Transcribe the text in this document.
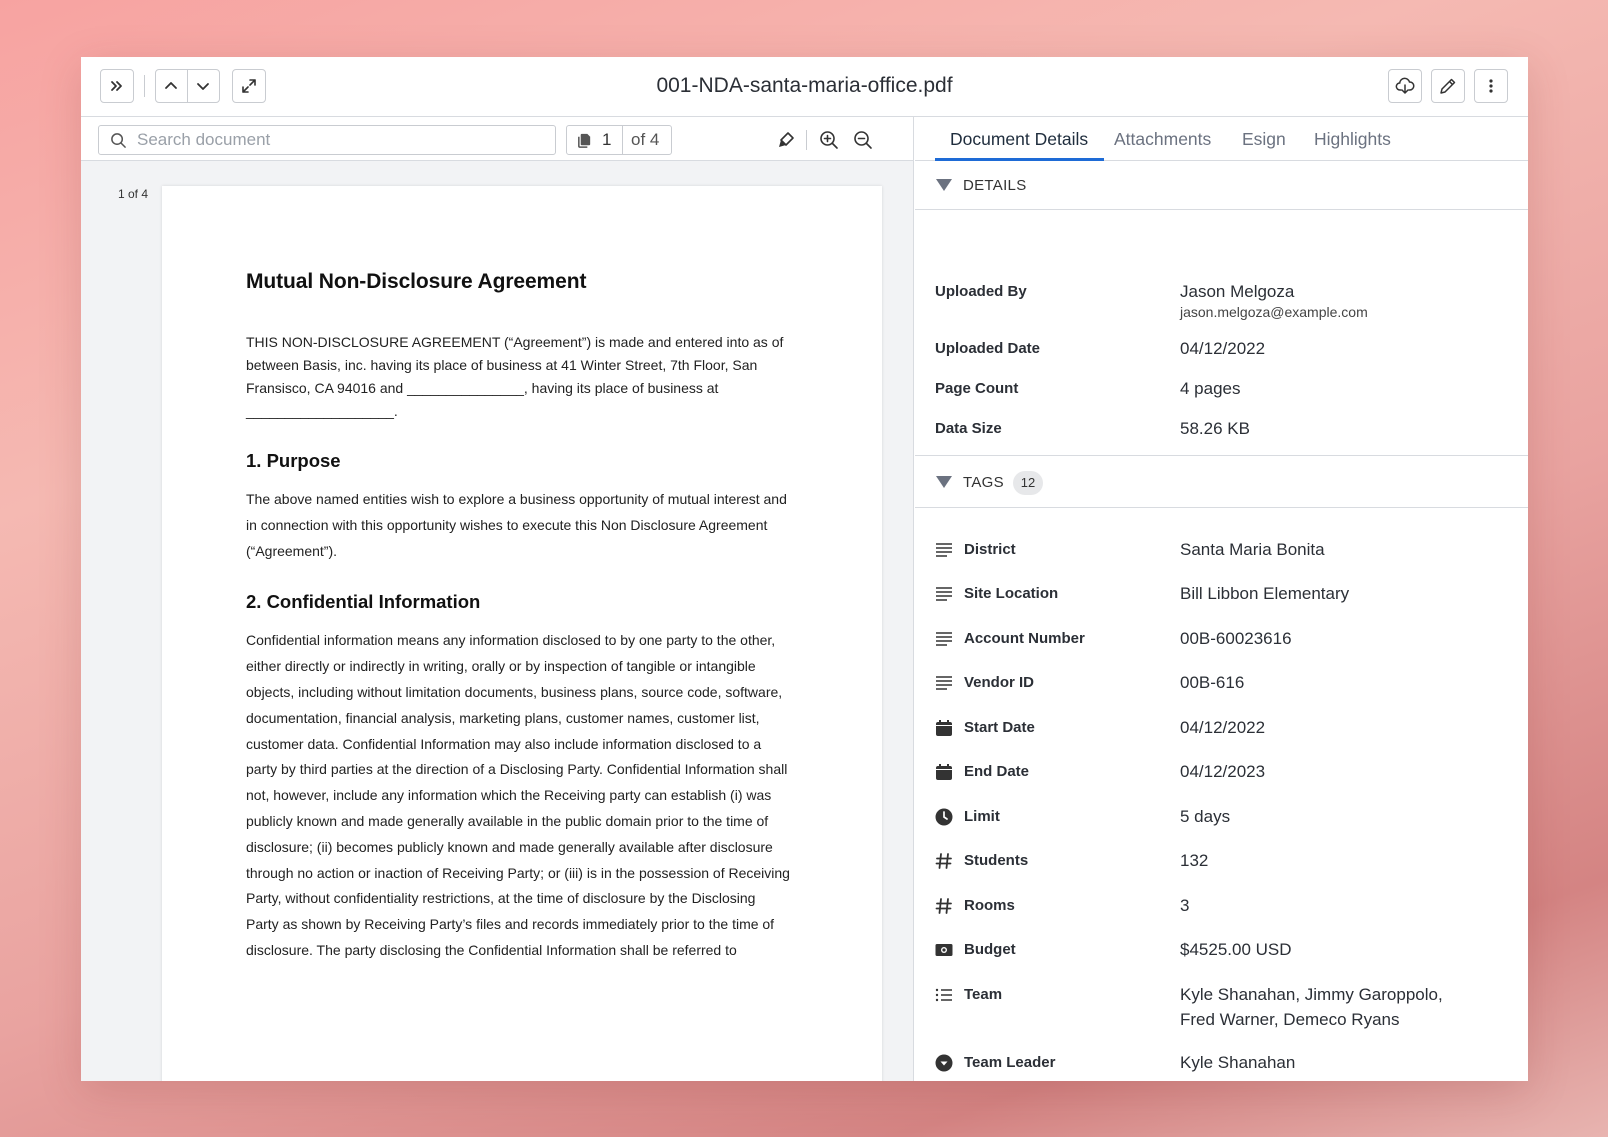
001-NDA-santa-maria-office.pdf
Search document
1 of 4
1 of 4
Mutual Non-Disclosure Agreement
THIS NON-DISCLOSURE AGREEMENT (“Agreement”) is made and entered into as of between Basis, inc. having its place of business at 41 Winter Street, 7th Floor, San Fransisco, CA 94016 and _______________, having its place of business at ___________________.
1. Purpose
The above named entities wish to explore a business opportunity of mutual interest and in connection with this opportunity wishes to execute this Non Disclosure Agreement (“Agreement”).
2. Confidential Information
Confidential information means any information disclosed to by one party to the other, either directly or indirectly in writing, orally or by inspection of tangible or intangible objects, including without limitation documents, business plans, source code, software, documentation, financial analysis, marketing plans, customer names, customer list, customer data. Confidential Information may also include information disclosed to a party by third parties at the direction of a Disclosing Party. Confidential Information shall not, however, include any information which the Receiving party can establish (i) was publicly known and made generally available in the public domain prior to the time of disclosure; (ii) becomes publicly known and made generally available after disclosure through no action or inaction of Receiving Party; or (iii) is in the possession of Receiving Party, without confidentiality restrictions, at the time of disclosure by the Disclosing Party as shown by Receiving Party’s files and records immediately prior to the time of disclosure. The party disclosing the Confidential Information shall be referred to
Document Details Attachments Esign Highlights
DETAILS
Uploaded By	Jason Melgoza
jason.melgoza@example.com
Uploaded Date	04/12/2022
Page Count	4 pages
Data Size	58.26 KB
TAGS	12
District	Santa Maria Bonita
Site Location	Bill Libbon Elementary
Account Number	00B-60023616
Vendor ID	00B-616
Start Date	04/12/2022
End Date	04/12/2023
Limit	5 days
Students	132
Rooms	3
Budget	$4525.00 USD
Team	Kyle Shanahan, Jimmy Garoppolo,
Fred Warner, Demeco Ryans
Team Leader	Kyle Shanahan
